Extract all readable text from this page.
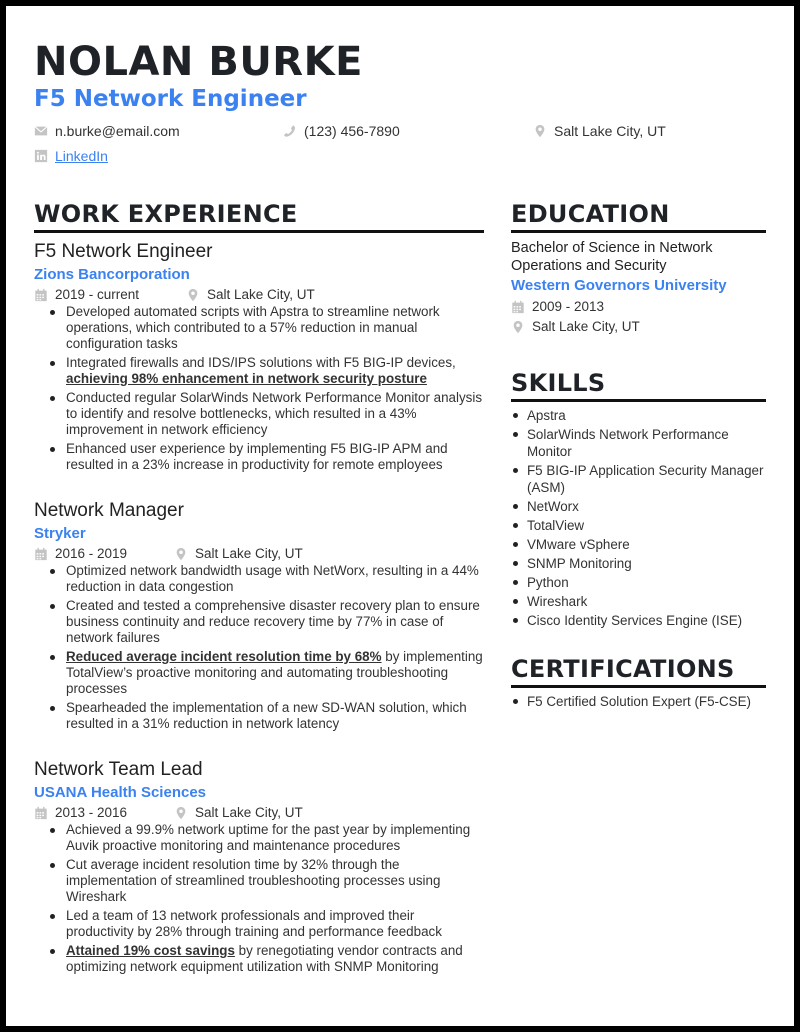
NOLAN BURKE
F5 Network Engineer
n.burke@email.com	(123) 456-7890	Salt Lake City, UT
LinkedIn
WORK EXPERIENCE
F5 Network Engineer
Zions Bancorporation
2019 - current	Salt Lake City, UT
Developed automated scripts with Apstra to streamline network operations, which contributed to a 57% reduction in manual configuration tasks
Integrated firewalls and IDS/IPS solutions with F5 BIG-IP devices, achieving 98% enhancement in network security posture
Conducted regular SolarWinds Network Performance Monitor analysis to identify and resolve bottlenecks, which resulted in a 43% improvement in network efficiency
Enhanced user experience by implementing F5 BIG-IP APM and resulted in a 23% increase in productivity for remote employees
Network Manager
Stryker
2016 - 2019	Salt Lake City, UT
Optimized network bandwidth usage with NetWorx, resulting in a 44% reduction in data congestion
Created and tested a comprehensive disaster recovery plan to ensure business continuity and reduce recovery time by 77% in case of network failures
Reduced average incident resolution time by 68% by implementing TotalView’s proactive monitoring and automating troubleshooting processes
Spearheaded the implementation of a new SD-WAN solution, which resulted in a 31% reduction in network latency
Network Team Lead
USANA Health Sciences
2013 - 2016	Salt Lake City, UT
Achieved a 99.9% network uptime for the past year by implementing Auvik proactive monitoring and maintenance procedures
Cut average incident resolution time by 32% through the implementation of streamlined troubleshooting processes using Wireshark
Led a team of 13 network professionals and improved their productivity by 28% through training and performance feedback
Attained 19% cost savings by renegotiating vendor contracts and optimizing network equipment utilization with SNMP Monitoring
EDUCATION
Bachelor of Science in Network Operations and Security
Western Governors University
2009 - 2013
Salt Lake City, UT
SKILLS
Apstra
SolarWinds Network Performance Monitor
F5 BIG-IP Application Security Manager (ASM)
NetWorx
TotalView
VMware vSphere
SNMP Monitoring
Python
Wireshark
Cisco Identity Services Engine (ISE)
CERTIFICATIONS
F5 Certified Solution Expert (F5-CSE)
